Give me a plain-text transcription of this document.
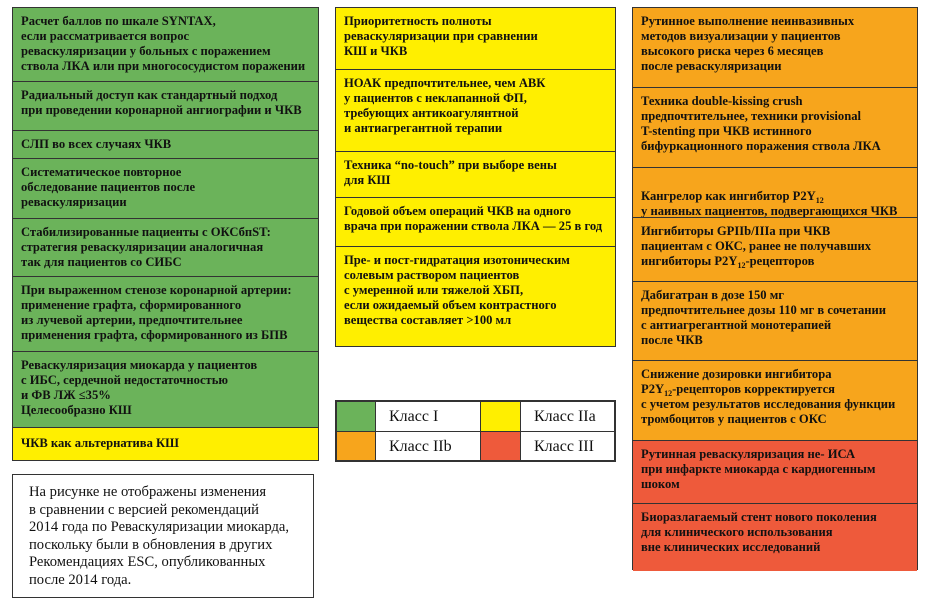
Расчет баллов по шкале SYNTAX,
если рассматривается вопрос
реваскуляризации у больных с поражением
ствола ЛКА или при многососудистом поражении
Радиальный доступ как стандартный подход
при проведении коронарной ангиографии и ЧКВ
СЛП во всех случаях ЧКВ
Систематическое повторное
обследование пациентов после
реваскуляризации
Стабилизированные пациенты с ОКСбпST:
стратегия реваскуляризации аналогичная
так для пациентов со СИБС
При выраженном стенозе коронарной артерии:
применение графта, сформированного
из лучевой артерии, предпочтительнее
применения графта, сформированного из БПВ
Реваскуляризация миокарда у пациентов
с ИБС, сердечной недостаточностью
и ФВ ЛЖ ≤35%
Целесообразно КШ
ЧКВ как альтернатива КШ
Приоритетность полноты
реваскуляризации при сравнении
КШ и ЧКВ
НОАК предпочтительнее, чем АВК
у пациентов с неклапанной ФП,
требующих антикоагулянтной
и антиагрегантной терапии
Техника “no-touch” при выборе вены
для КШ
Годовой объем операций ЧКВ на одного
врача при поражении ствола ЛКА — 25 в год
Пре- и пост-гидратация изотоническим
солевым раствором пациентов
с умеренной или тяжелой ХБП,
если ожидаемый объем контрастного
вещества составляет >100 мл
Рутинное выполнение неинвазивных
методов визуализации у пациентов
высокого риска через 6 месяцев
после реваскуляризации
Техника double-kissing crush
предпочтительнее, техники provisional
T-stenting при ЧКВ истинного
бифуркационного поражения ствола ЛКА

Кангрелор как ингибитор $P2Y_{12}$
у наивных пациентов, подвергающихся ЧКВ

Ингибиторы GPIIb/IIIa при ЧКВ
пациентам с ОКС, ранее не получавших
ингибиторы $P2Y_{12}$-рецепторов
Дабигатран в дозе 150 мг
предпочтительнее дозы 110 мг в сочетании
с антиагрегантной монотерапией
после ЧКВ
Снижение дозировки ингибитора
$P2Y_{12}$-рецепторов корректируется
с учетом результатов исследования функции
тромбоцитов у пациентов с ОКС
Рутинная реваскуляризация не- ИСА
при инфаркте миокарда с кардиогенным
шоком
Биоразлагаемый стент нового поколения
для клинического использования
вне клинических исследований
Класс I	Класс IIa
Класс IIb	Класс III
На рисунке не отображены изменения
в сравнении с версией рекомендаций
2014 года по Реваскуляризации миокарда,
поскольку были в обновления в других
Рекомендациях ESC, опубликованных
после 2014 года.
